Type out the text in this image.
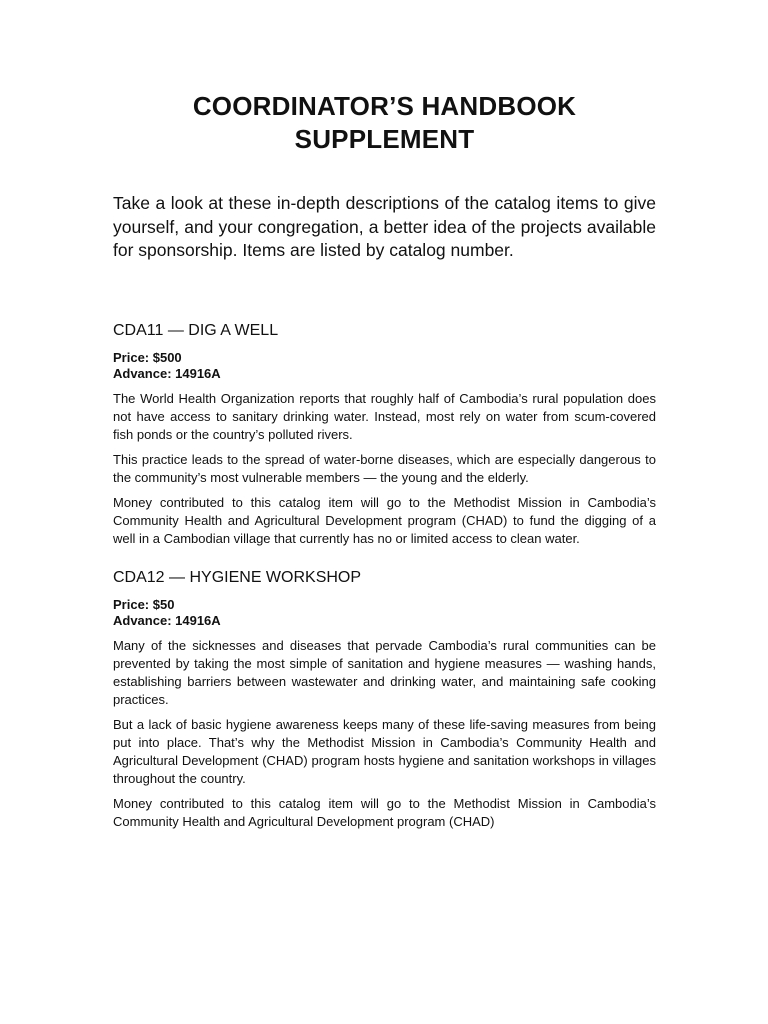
COORDINATOR’S HANDBOOK
SUPPLEMENT

Take a look at these in-depth descriptions of the catalog items to give yourself, and your congregation, a better idea of the projects available for sponsorship. Items are listed by catalog number.

CDA11 — DIG A WELL
Price: $500
Advance: 14916A

The World Health Organization reports that roughly half of Cambodia’s rural population does not have access to sanitary drinking water. Instead, most rely on water from scum-covered fish ponds or the country’s polluted rivers.

This practice leads to the spread of water-borne diseases, which are especially dangerous to the community’s most vulnerable members — the young and the elderly.

Money contributed to this catalog item will go to the Methodist Mission in Cambodia’s Community Health and Agricultural Development program (CHAD) to fund the digging of a well in a Cambodian village that currently has no or limited access to clean water.

CDA12 — HYGIENE WORKSHOP
Price: $50
Advance: 14916A

Many of the sicknesses and diseases that pervade Cambodia’s rural communities can be prevented by taking the most simple of sanitation and hygiene measures — washing hands, establishing barriers between wastewater and drinking water, and maintaining safe cooking practices.

But a lack of basic hygiene awareness keeps many of these life-saving measures from being put into place. That’s why the Methodist Mission in Cambodia’s Community Health and Agricultural Development (CHAD) program hosts hygiene and sanitation workshops in villages throughout the country.

Money contributed to this catalog item will go to the Methodist Mission in Cambodia’s Community Health and Agricultural Development program (CHAD)
